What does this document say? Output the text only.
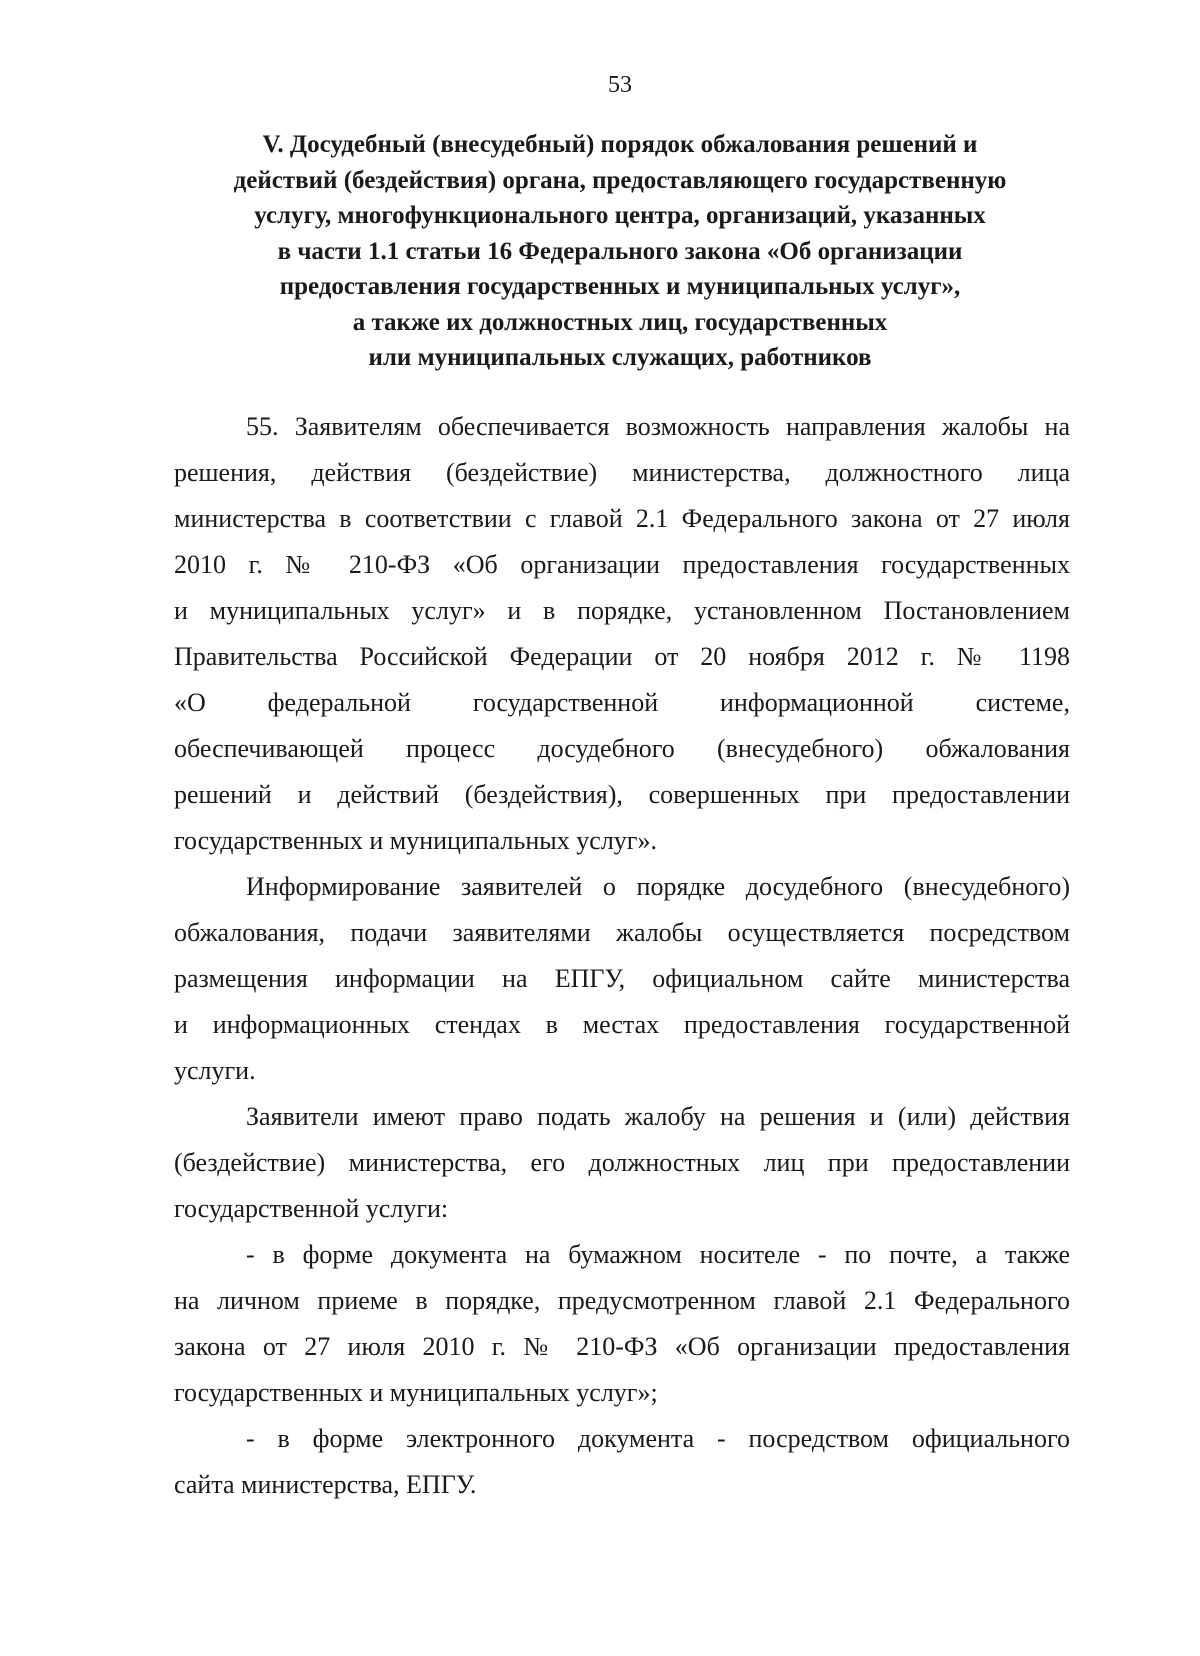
53
V. Досудебный (внесудебный) порядок обжалования решений и
действий (бездействия) органа, предоставляющего государственную
услугу, многофункционального центра, организаций, указанных
в части 1.1 статьи 16 Федерального закона «Об организации
предоставления государственных и муниципальных услуг»,
а также их должностных лиц, государственных
или муниципальных служащих, работников
55. Заявителям обеспечивается возможность направления жалобы на
решения, действия (бездействие) министерства, должностного лица
министерства в соответствии с главой 2.1 Федерального закона от 27 июля
2010 г. № 210-ФЗ «Об организации предоставления государственных
и муниципальных услуг» и в порядке, установленном Постановлением
Правительства Российской Федерации от 20 ноября 2012 г. № 1198
«О федеральной государственной информационной системе,
обеспечивающей процесс досудебного (внесудебного) обжалования
решений и действий (бездействия), совершенных при предоставлении
государственных и муниципальных услуг».
Информирование заявителей о порядке досудебного (внесудебного)
обжалования, подачи заявителями жалобы осуществляется посредством
размещения информации на ЕПГУ, официальном сайте министерства
и информационных стендах в местах предоставления государственной
услуги.
Заявители имеют право подать жалобу на решения и (или) действия
(бездействие) министерства, его должностных лиц при предоставлении
государственной услуги:
- в форме документа на бумажном носителе - по почте, а также
на личном приеме в порядке, предусмотренном главой 2.1 Федерального
закона от 27 июля 2010 г. № 210-ФЗ «Об организации предоставления
государственных и муниципальных услуг»;
- в форме электронного документа - посредством официального
сайта министерства, ЕПГУ.
